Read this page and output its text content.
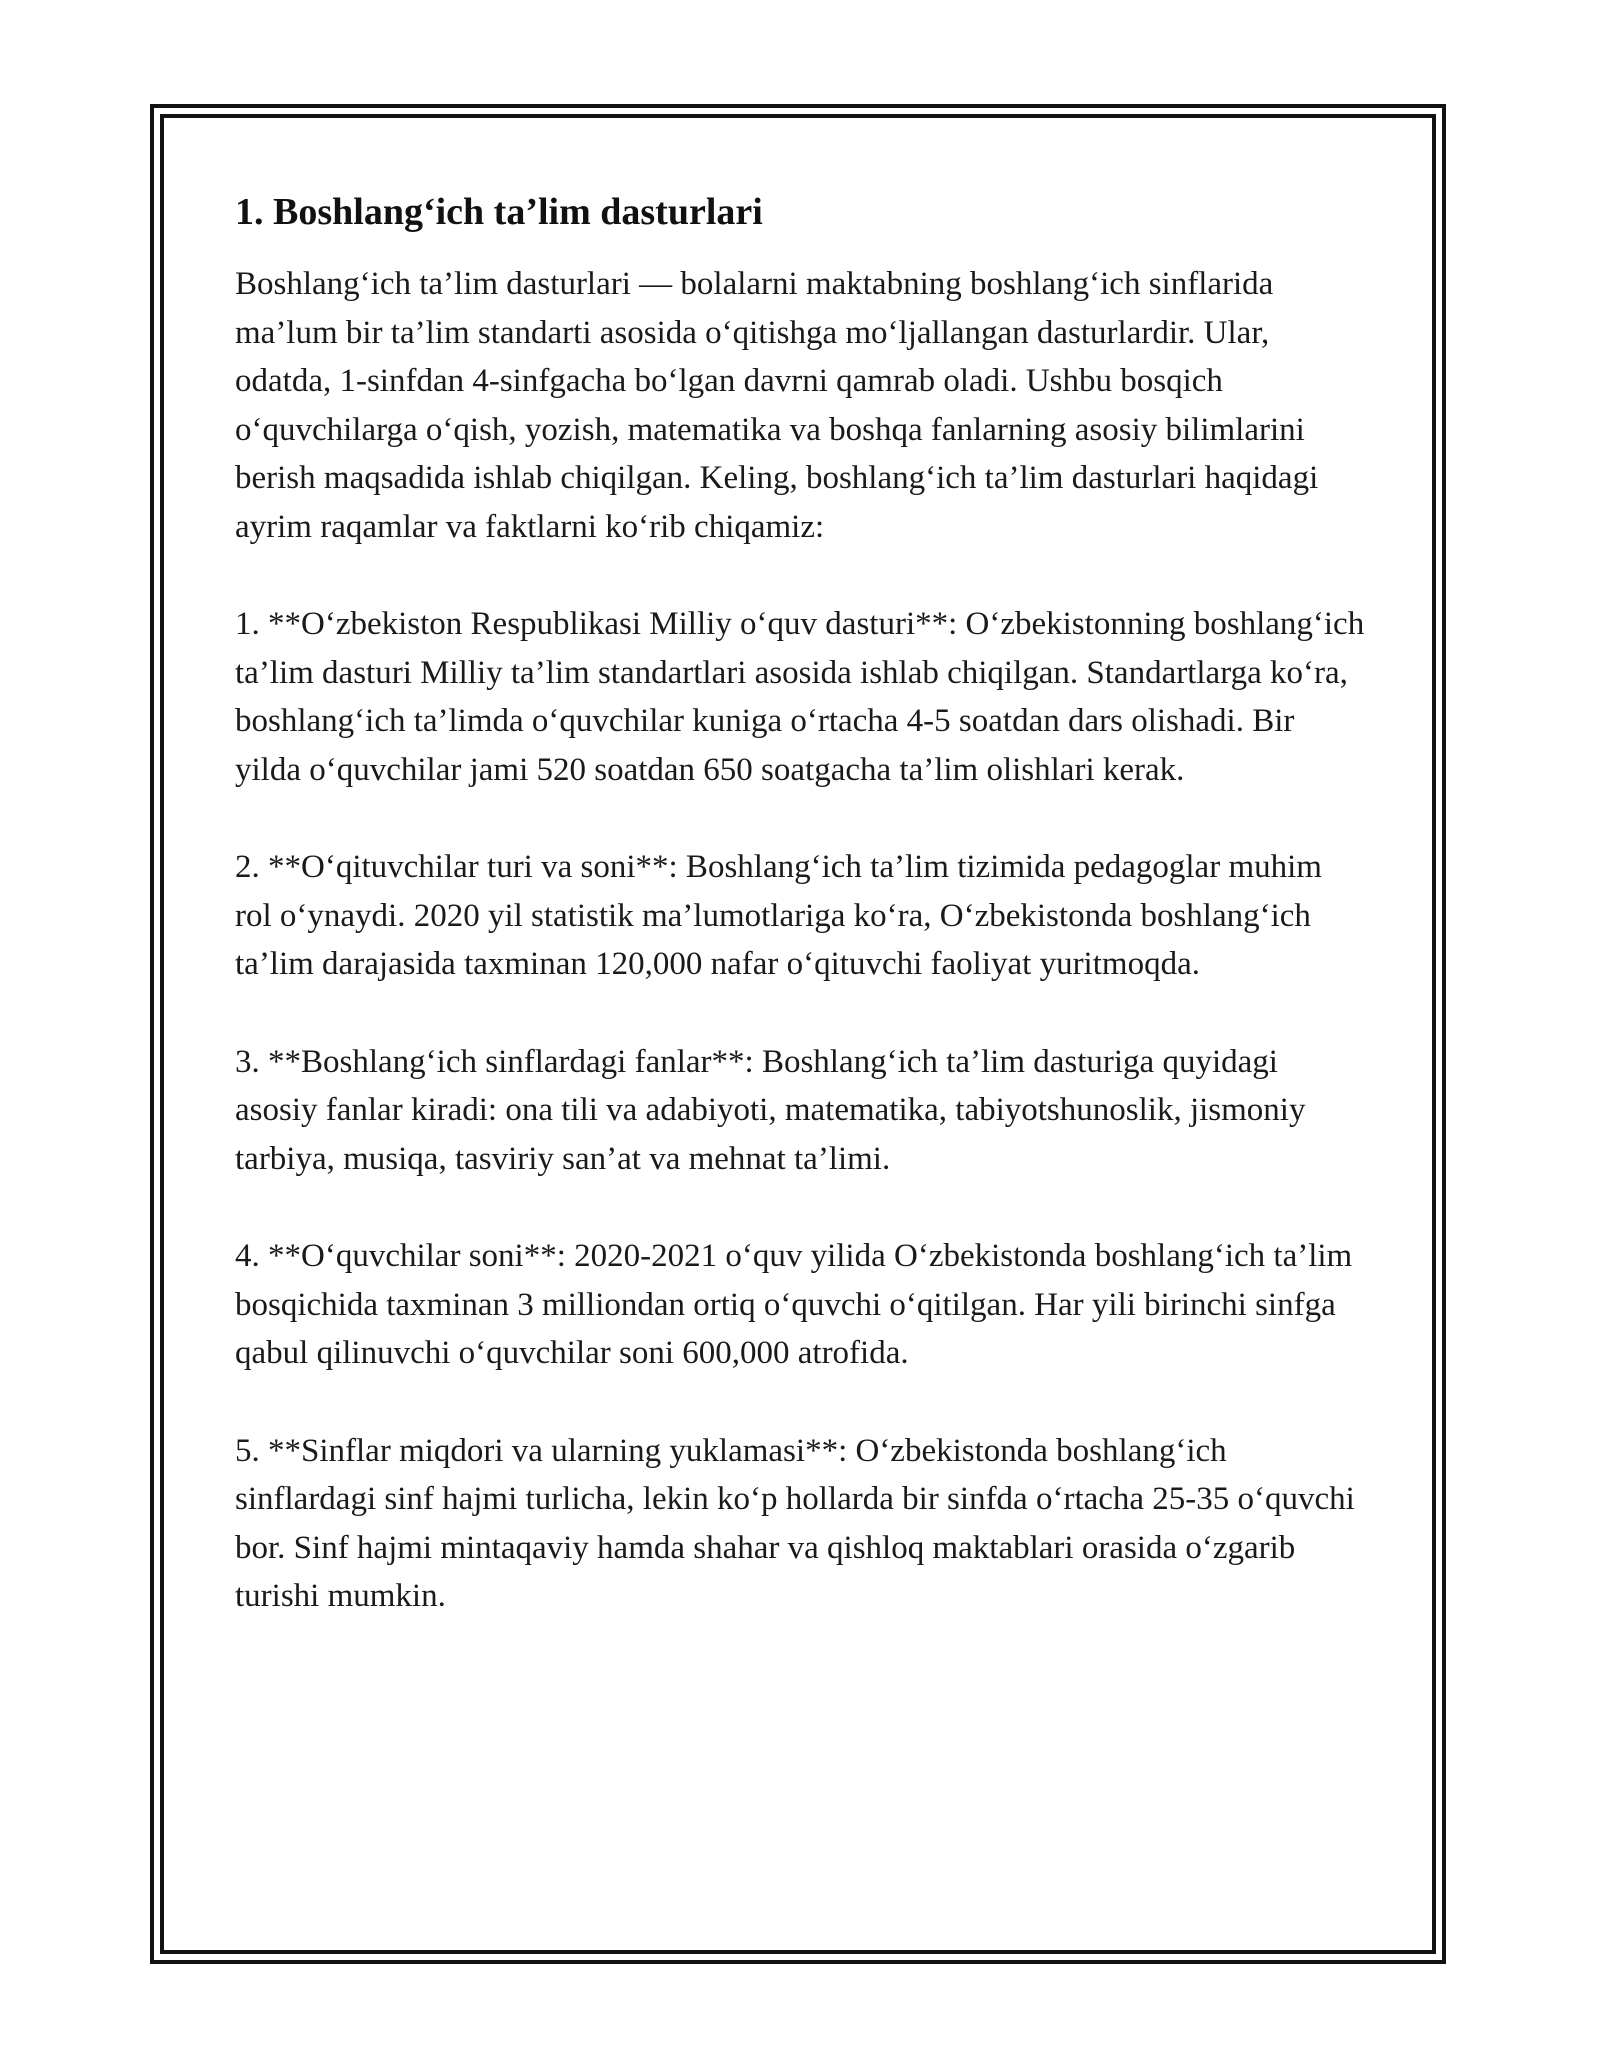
1. Boshlang‘ich ta’lim dasturlari

Boshlang‘ich ta’lim dasturlari — bolalarni maktabning boshlang‘ich sinflarida ma’lum bir ta’lim standarti asosida o‘qitishga mo‘ljallangan dasturlardir. Ular, odatda, 1-sinfdan 4-sinfgacha bo‘lgan davrni qamrab oladi. Ushbu bosqich o‘quvchilarga o‘qish, yozish, matematika va boshqa fanlarning asosiy bilimlarini berish maqsadida ishlab chiqilgan. Keling, boshlang‘ich ta’lim dasturlari haqidagi ayrim raqamlar va faktlarni ko‘rib chiqamiz:

1. **O‘zbekiston Respublikasi Milliy o‘quv dasturi**: O‘zbekistonning boshlang‘ich ta’lim dasturi Milliy ta’lim standartlari asosida ishlab chiqilgan. Standartlarga ko‘ra, boshlang‘ich ta’limda o‘quvchilar kuniga o‘rtacha 4-5 soatdan dars olishadi. Bir yilda o‘quvchilar jami 520 soatdan 650 soatgacha ta’lim olishlari kerak.

2. **O‘qituvchilar turi va soni**: Boshlang‘ich ta’lim tizimida pedagoglar muhim rol o‘ynaydi. 2020 yil statistik ma’lumotlariga ko‘ra, O‘zbekistonda boshlang‘ich ta’lim darajasida taxminan 120,000 nafar o‘qituvchi faoliyat yuritmoqda.

3. **Boshlang‘ich sinflardagi fanlar**: Boshlang‘ich ta’lim dasturiga quyidagi asosiy fanlar kiradi: ona tili va adabiyoti, matematika, tabiyotshunoslik, jismoniy tarbiya, musiqa, tasviriy san’at va mehnat ta’limi.

4. **O‘quvchilar soni**: 2020-2021 o‘quv yilida O‘zbekistonda boshlang‘ich ta’lim bosqichida taxminan 3 milliondan ortiq o‘quvchi o‘qitilgan. Har yili birinchi sinfga qabul qilinuvchi o‘quvchilar soni 600,000 atrofida.

5. **Sinflar miqdori va ularning yuklamasi**: O‘zbekistonda boshlang‘ich sinflardagi sinf hajmi turlicha, lekin ko‘p hollarda bir sinfda o‘rtacha 25-35 o‘quvchi bor. Sinf hajmi mintaqaviy hamda shahar va qishloq maktablari orasida o‘zgarib turishi mumkin.
